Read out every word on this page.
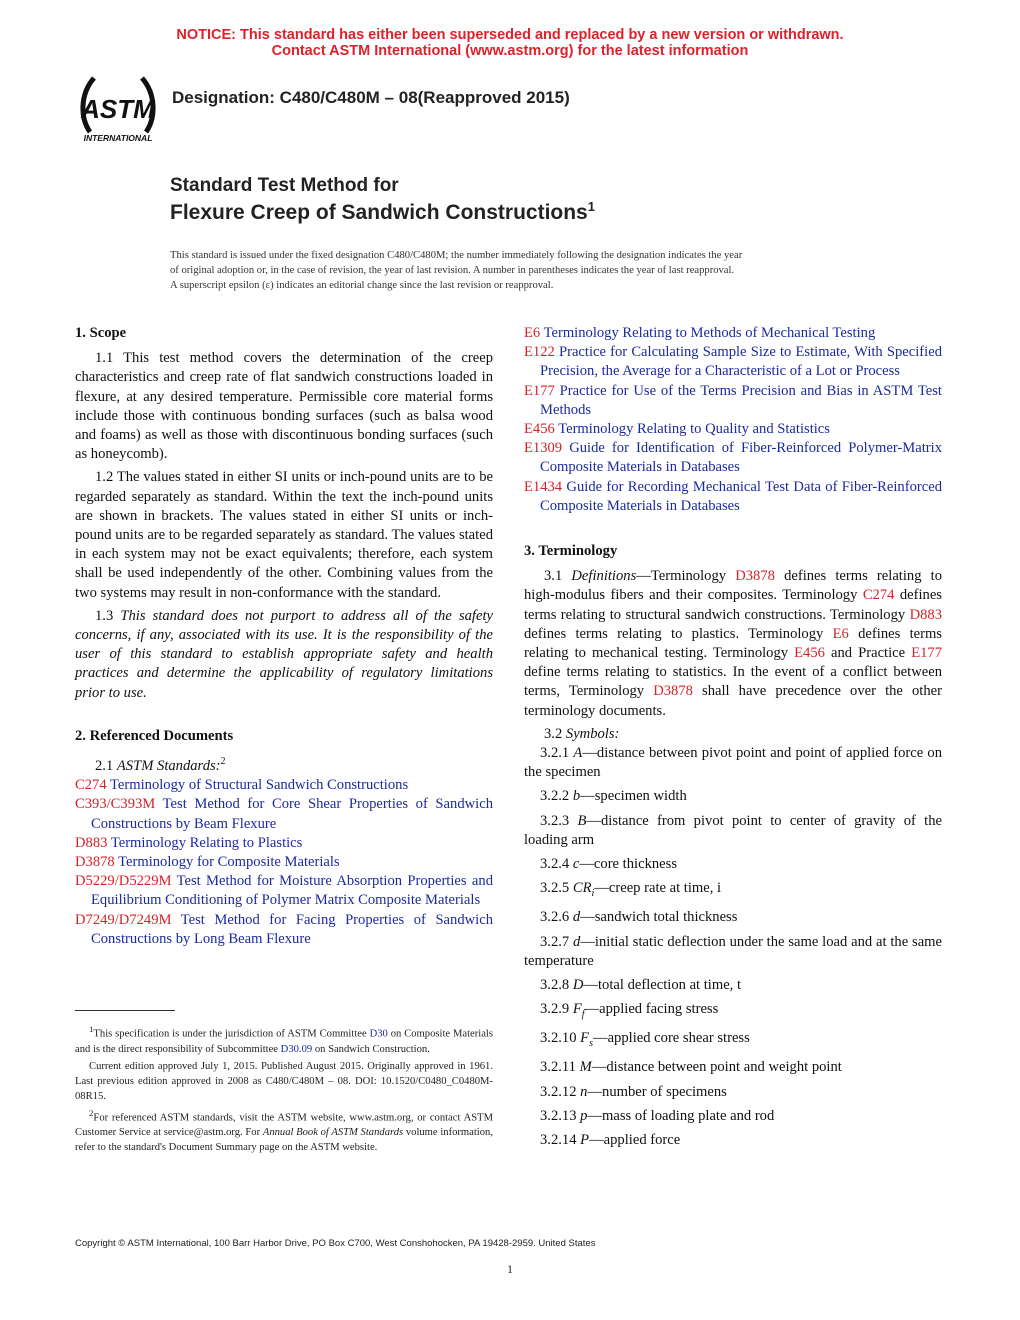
NOTICE: This standard has either been superseded and replaced by a new version or withdrawn.
Contact ASTM International (www.astm.org) for the latest information
ASTM
INTERNATIONAL
Designation: C480/C480M – 08(Reapproved 2015)
Standard Test Method for
Flexure Creep of Sandwich Constructions$^1$
This standard is issued under the fixed designation C480/C480M; the number immediately following the designation indicates the year
of original adoption or, in the case of revision, the year of last revision. A number in parentheses indicates the year of last reapproval.
A superscript epsilon (ε) indicates an editorial change since the last revision or reapproval.
1. Scope

1.1 This test method covers the determination of the creep characteristics and creep rate of flat sandwich constructions loaded in flexure, at any desired temperature. Permissible core material forms include those with continuous bonding surfaces (such as balsa wood and foams) as well as those with discontinuous bonding surfaces (such as honeycomb).

1.2 The values stated in either SI units or inch-pound units are to be regarded separately as standard. Within the text the inch-pound units are shown in brackets. The values stated in either SI units or inch-pound units are to be regarded separately as standard. The values stated in each system may not be exact equivalents; therefore, each system shall be used independently of the other. Combining values from the two systems may result in non-conformance with the standard.

1.3 This standard does not purport to address all of the safety concerns, if any, associated with its use. It is the responsibility of the user of this standard to establish appropriate safety and health practices and determine the applicability of regulatory limitations prior to use.

2. Referenced Documents

2.1 ASTM Standards:$^2$

C274 Terminology of Structural Sandwich Constructions

C393/C393M Test Method for Core Shear Properties of Sandwich Constructions by Beam Flexure

D883 Terminology Relating to Plastics

D3878 Terminology for Composite Materials

D5229/D5229M Test Method for Moisture Absorption Properties and Equilibrium Conditioning of Polymer Matrix Composite Materials

D7249/D7249M Test Method for Facing Properties of Sandwich Constructions by Long Beam Flexure

E6 Terminology Relating to Methods of Mechanical Testing

E122 Practice for Calculating Sample Size to Estimate, With Specified Precision, the Average for a Characteristic of a Lot or Process

E177 Practice for Use of the Terms Precision and Bias in ASTM Test Methods

E456 Terminology Relating to Quality and Statistics

E1309 Guide for Identification of Fiber-Reinforced Polymer-Matrix Composite Materials in Databases

E1434 Guide for Recording Mechanical Test Data of Fiber-Reinforced Composite Materials in Databases

3. Terminology

3.1 Definitions—Terminology D3878 defines terms relating to high-modulus fibers and their composites. Terminology C274 defines terms relating to structural sandwich constructions. Terminology D883 defines terms relating to plastics. Terminology E6 defines terms relating to mechanical testing. Terminology E456 and Practice E177 define terms relating to statistics. In the event of a conflict between terms, Terminology D3878 shall have precedence over the other terminology documents.

3.2 Symbols:

3.2.1 A—distance between pivot point and point of applied force on the specimen

3.2.2 b—specimen width

3.2.3 B—distance from pivot point to center of gravity of the loading arm

3.2.4 c—core thickness

3.2.5 $CR_i—creep$ rate at time, i

3.2.6 d—sandwich total thickness

3.2.7 d—initial static deflection under the same load and at the same temperature

3.2.8 D—total deflection at time, t

3.2.9 $F_f—applied$ facing stress

3.2.10 $F_s—applied$ core shear stress

3.2.11 M—distance between point and weight point

3.2.12 n—number of specimens

3.2.13 p—mass of loading plate and rod

3.2.14 P—applied force

$^1$This specification is under the jurisdiction of ASTM Committee D30 on Composite Materials and is the direct responsibility of Subcommittee D30.09 on Sandwich Construction.

Current edition approved July 1, 2015. Published August 2015. Originally approved in 1961. Last previous edition approved in 2008 as C480/C480M – 08. DOI: 10.1520/C0480_C0480M-08R15.

$^2$For referenced ASTM standards, visit the ASTM website, www.astm.org, or contact ASTM Customer Service at service@astm.org. For Annual Book of ASTM Standards volume information, refer to the standard's Document Summary page on the ASTM website.

Copyright © ASTM International, 100 Barr Harbor Drive, PO Box C700, West Conshohocken, PA 19428-2959. United States
1
